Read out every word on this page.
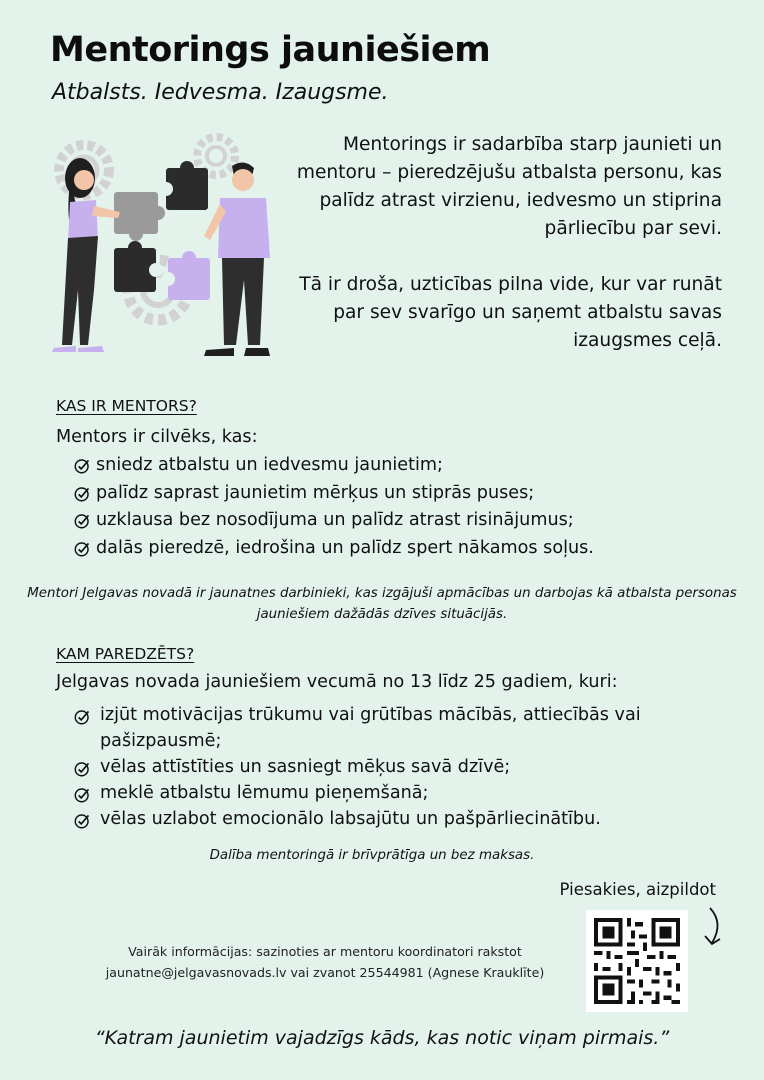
Mentorings jauniešiem
Atbalsts. Iedvesma. Izaugsme.

Mentorings ir sadarbība starp jaunieti un mentoru – pieredzējušu atbalsta personu, kas palīdz atrast virzienu, iedvesmo un stiprina pārliecību par sevi.

Tā ir droša, uzticības pilna vide, kur var runāt par sev svarīgo un saņemt atbalstu savas izaugsmes ceļā.

KAS IR MENTORS?
Mentors ir cilvēks, kas:
sniedz atbalstu un iedvesmu jaunietim;
palīdz saprast jaunietim mērķus un stiprās puses;
uzklausa bez nosodījuma un palīdz atrast risinājumus;
dalās pieredzē, iedrošina un palīdz spert nākamos soļus.
Mentori Jelgavas novadā ir jaunatnes darbinieki, kas izgājuši apmācības un darbojas kā atbalsta personas jauniešiem dažādās dzīves situācijās.
KAM PAREDZĒTS?
Jelgavas novada jauniešiem vecumā no 13 līdz 25 gadiem, kuri:
izjūt motivācijas trūkumu vai grūtības mācībās, attiecībās vai pašizpausmē;
vēlas attīstīties un sasniegt mēķus savā dzīvē;
meklē atbalstu lēmumu pieņemšanā;
vēlas uzlabot emocionālo labsajūtu un pašpārliecinātību.
Dalība mentoringā ir brīvprātīga un bez maksas.
Piesakies, aizpildot
Vairāk informācijas: sazinoties ar mentoru koordinatori rakstot
jaunatne@jelgavasnovads.lv vai zvanot 25544981 (Agnese Krauklīte)
“Katram jaunietim vajadzīgs kāds, kas notic viņam pirmais.”
